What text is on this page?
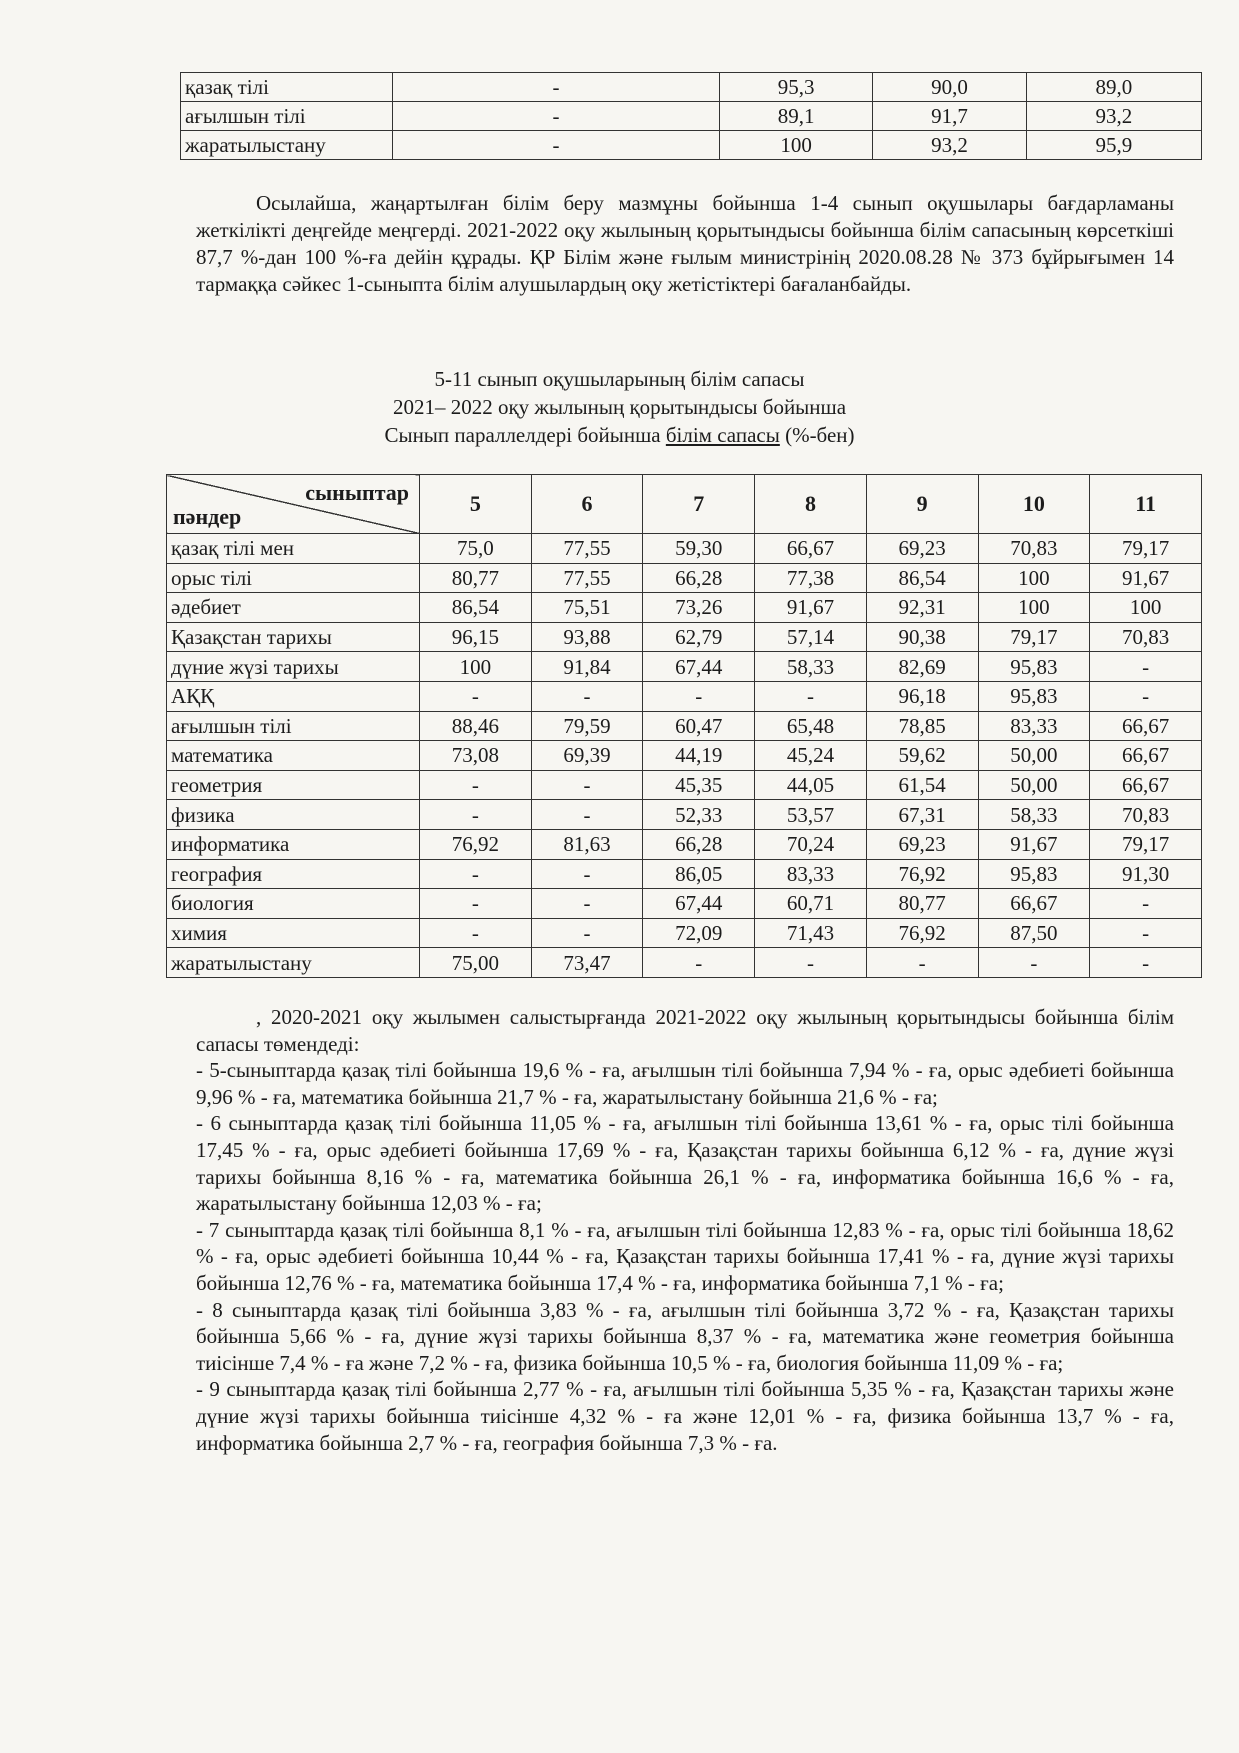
қазақ тілі	-	95,3	90,0	89,0
ағылшын тілі	-	89,1	91,7	93,2
жаратылыстану	-	100	93,2	95,9
Осылайша, жаңартылған білім беру мазмұны бойынша 1-4 сынып оқушылары бағдарламаны жеткілікті деңгейде меңгерді. 2021-2022 оқу жылының қорытындысы бойынша білім сапасының көрсеткіші 87,7 %-дан 100 %-ға дейін құрады. ҚР Білім және ғылым министрінің 2020.08.28 № 373 бұйрығымен 14 тармаққа сәйкес 1-сыныпта білім алушылардың оқу жетістіктері бағаланбайды.
5-11 сынып оқушыларының білім сапасы
2021– 2022 оқу жылының қорытындысы бойынша
Сынып параллелдері бойынша білім сапасы (%-бен)
сыныптар
пәндер	5	6	7	8	9	10	11
қазақ тілі мен	75,0	77,55	59,30	66,67	69,23	70,83	79,17
орыс тілі	80,77	77,55	66,28	77,38	86,54	100	91,67
әдебиет	86,54	75,51	73,26	91,67	92,31	100	100
Қазақстан тарихы	96,15	93,88	62,79	57,14	90,38	79,17	70,83
дүние жүзі тарихы	100	91,84	67,44	58,33	82,69	95,83	-
АҚҚ	-	-	-	-	96,18	95,83	-
ағылшын тілі	88,46	79,59	60,47	65,48	78,85	83,33	66,67
математика	73,08	69,39	44,19	45,24	59,62	50,00	66,67
геометрия	-	-	45,35	44,05	61,54	50,00	66,67
физика	-	-	52,33	53,57	67,31	58,33	70,83
информатика	76,92	81,63	66,28	70,24	69,23	91,67	79,17
география	-	-	86,05	83,33	76,92	95,83	91,30
биология	-	-	67,44	60,71	80,77	66,67	-
химия	-	-	72,09	71,43	76,92	87,50	-
жаратылыстану	75,00	73,47	-	-	-	-	-

, 2020-2021 оқу жылымен салыстырғанда 2021-2022 оқу жылының қорытындысы бойынша білім сапасы төмендеді:

- 5-сыныптарда қазақ тілі бойынша 19,6 % - ға, ағылшын тілі бойынша 7,94 % - ға, орыс әдебиеті бойынша 9,96 % - ға, математика бойынша 21,7 % - ға, жаратылыстану бойынша 21,6 % - ға;

- 6 сыныптарда қазақ тілі бойынша 11,05 % - ға, ағылшын тілі бойынша 13,61 % - ға, орыс тілі бойынша 17,45 % - ға, орыс әдебиеті бойынша 17,69 % - ға, Қазақстан тарихы бойынша 6,12 % - ға, дүние жүзі тарихы бойынша 8,16 % - ға, математика бойынша 26,1 % - ға, информатика бойынша 16,6 % - ға, жаратылыстану бойынша 12,03 % - ға;

- 7 сыныптарда қазақ тілі бойынша 8,1 % - ға, ағылшын тілі бойынша 12,83 % - ға, орыс тілі бойынша 18,62 % - ға, орыс әдебиеті бойынша 10,44 % - ға, Қазақстан тарихы бойынша 17,41 % - ға, дүние жүзі тарихы бойынша 12,76 % - ға, математика бойынша 17,4 % - ға, информатика бойынша 7,1 % - ға;

- 8 сыныптарда қазақ тілі бойынша 3,83 % - ға, ағылшын тілі бойынша 3,72 % - ға, Қазақстан тарихы бойынша 5,66 % - ға, дүние жүзі тарихы бойынша 8,37 % - ға, математика және геометрия бойынша тиісінше 7,4 % - ға және 7,2 % - ға, физика бойынша 10,5 % - ға, биология бойынша 11,09 % - ға;

- 9 сыныптарда қазақ тілі бойынша 2,77 % - ға, ағылшын тілі бойынша 5,35 % - ға, Қазақстан тарихы және дүние жүзі тарихы бойынша тиісінше 4,32 % - ға және 12,01 % - ға, физика бойынша 13,7 % - ға, информатика бойынша 2,7 % - ға, география бойынша 7,3 % - ға.
